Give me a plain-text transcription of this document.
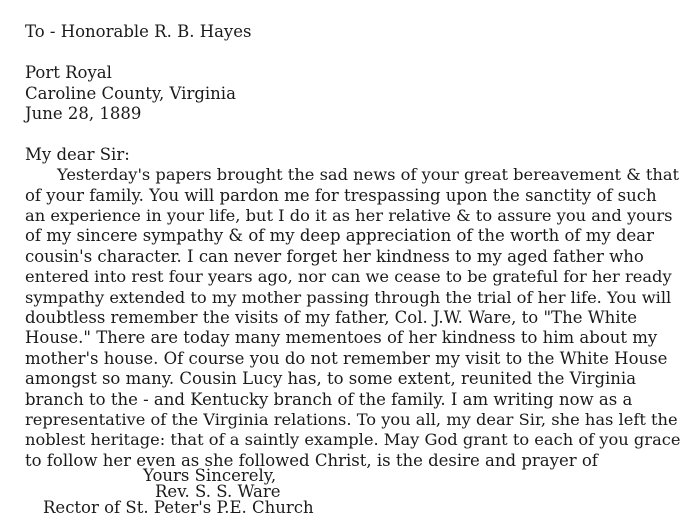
To - Honorable R. B. Hayes
Port Royal
Caroline County, Virginia
June 28, 1889
My dear Sir:
Yesterday's papers brought the sad news of your great bereavement & that
of your family. You will pardon me for trespassing upon the sanctity of such
an experience in your life, but I do it as her relative & to assure you and yours
of my sincere sympathy & of my deep appreciation of the worth of my dear
cousin's character. I can never forget her kindness to my aged father who
entered into rest four years ago, nor can we cease to be grateful for her ready
sympathy extended to my mother passing through the trial of her life. You will
doubtless remember the visits of my father, Col. J.W. Ware, to "The White
House." There are today many mementoes of her kindness to him about my
mother's house. Of course you do not remember my visit to the White House
amongst so many. Cousin Lucy has, to some extent, reunited the Virginia
branch to the - and Kentucky branch of the family. I am writing now as a
representative of the Virginia relations. To you all, my dear Sir, she has left the
noblest heritage: that of a saintly example. May God grant to each of you grace
to follow her even as she followed Christ, is the desire and prayer of
Yours Sincerely,
Rev. S. S. Ware
Rector of St. Peter's P.E. Church
